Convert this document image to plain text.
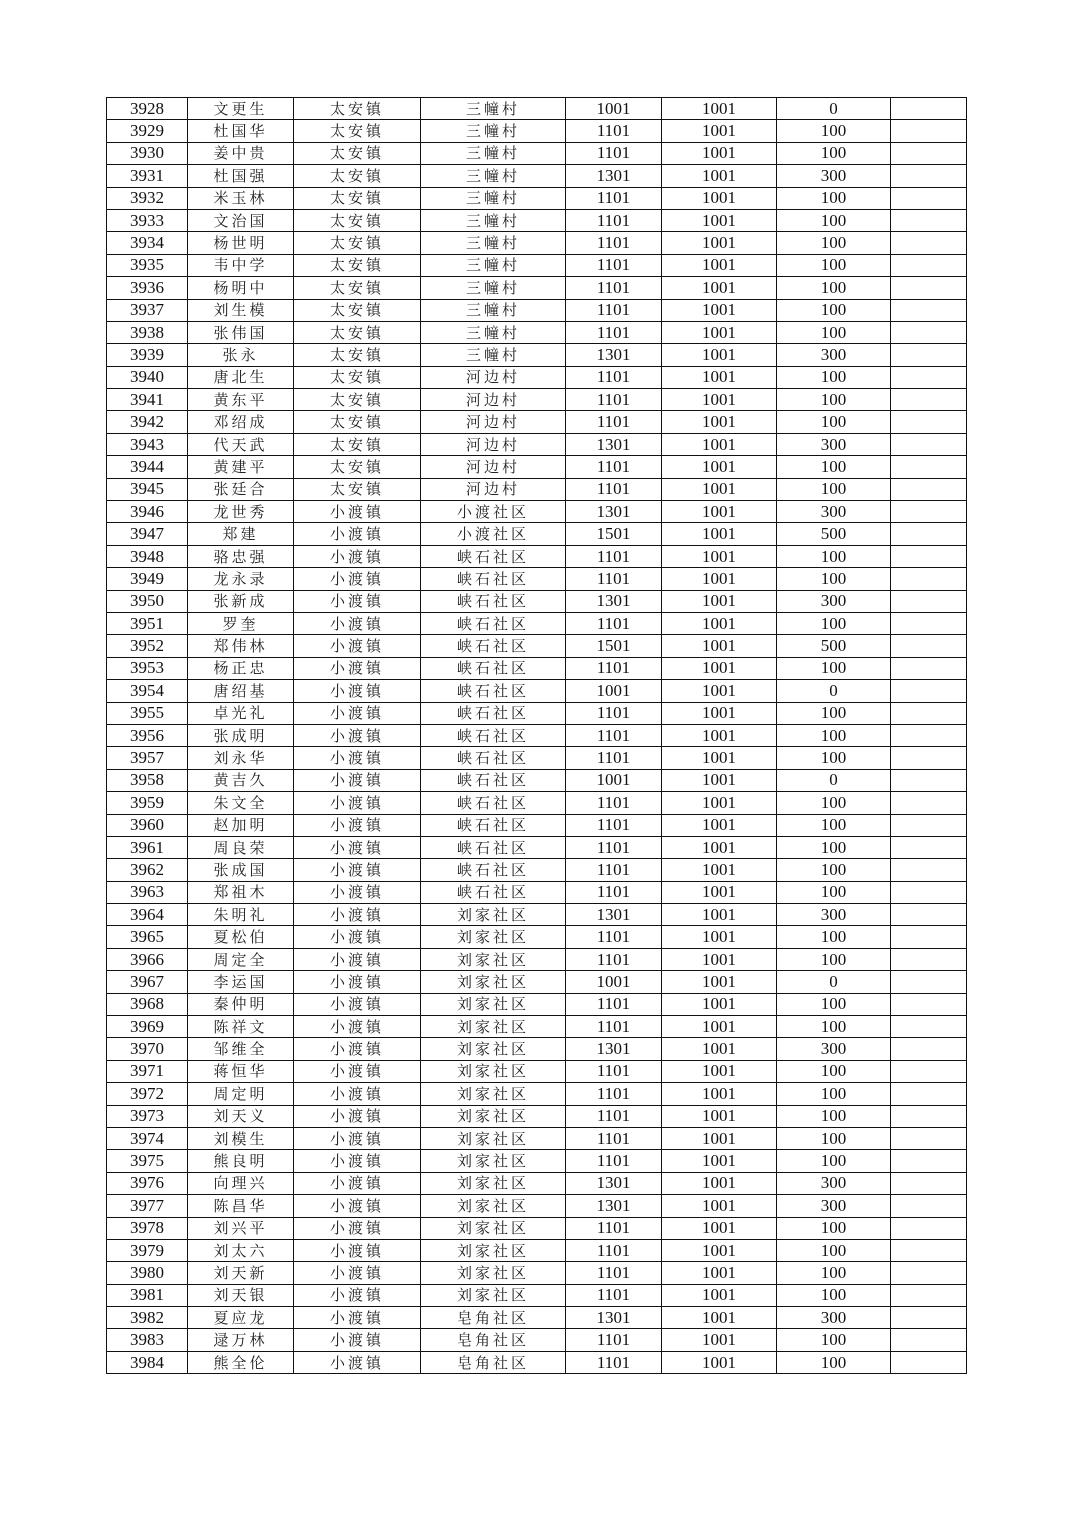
3928	文更生	太安镇	三幢村	1001	1001	0	
3929	杜国华	太安镇	三幢村	1101	1001	100	
3930	姜中贵	太安镇	三幢村	1101	1001	100	
3931	杜国强	太安镇	三幢村	1301	1001	300	
3932	米玉林	太安镇	三幢村	1101	1001	100	
3933	文治国	太安镇	三幢村	1101	1001	100	
3934	杨世明	太安镇	三幢村	1101	1001	100	
3935	韦中学	太安镇	三幢村	1101	1001	100	
3936	杨明中	太安镇	三幢村	1101	1001	100	
3937	刘生模	太安镇	三幢村	1101	1001	100	
3938	张伟国	太安镇	三幢村	1101	1001	100	
3939	张永	太安镇	三幢村	1301	1001	300	
3940	唐北生	太安镇	河边村	1101	1001	100	
3941	黄东平	太安镇	河边村	1101	1001	100	
3942	邓绍成	太安镇	河边村	1101	1001	100	
3943	代天武	太安镇	河边村	1301	1001	300	
3944	黄建平	太安镇	河边村	1101	1001	100	
3945	张廷合	太安镇	河边村	1101	1001	100	
3946	龙世秀	小渡镇	小渡社区	1301	1001	300	
3947	郑建	小渡镇	小渡社区	1501	1001	500	
3948	骆忠强	小渡镇	峡石社区	1101	1001	100	
3949	龙永录	小渡镇	峡石社区	1101	1001	100	
3950	张新成	小渡镇	峡石社区	1301	1001	300	
3951	罗奎	小渡镇	峡石社区	1101	1001	100	
3952	郑伟林	小渡镇	峡石社区	1501	1001	500	
3953	杨正忠	小渡镇	峡石社区	1101	1001	100	
3954	唐绍基	小渡镇	峡石社区	1001	1001	0	
3955	卓光礼	小渡镇	峡石社区	1101	1001	100	
3956	张成明	小渡镇	峡石社区	1101	1001	100	
3957	刘永华	小渡镇	峡石社区	1101	1001	100	
3958	黄吉久	小渡镇	峡石社区	1001	1001	0	
3959	朱文全	小渡镇	峡石社区	1101	1001	100	
3960	赵加明	小渡镇	峡石社区	1101	1001	100	
3961	周良荣	小渡镇	峡石社区	1101	1001	100	
3962	张成国	小渡镇	峡石社区	1101	1001	100	
3963	郑祖木	小渡镇	峡石社区	1101	1001	100	
3964	朱明礼	小渡镇	刘家社区	1301	1001	300	
3965	夏松伯	小渡镇	刘家社区	1101	1001	100	
3966	周定全	小渡镇	刘家社区	1101	1001	100	
3967	李运国	小渡镇	刘家社区	1001	1001	0	
3968	秦仲明	小渡镇	刘家社区	1101	1001	100	
3969	陈祥文	小渡镇	刘家社区	1101	1001	100	
3970	邹维全	小渡镇	刘家社区	1301	1001	300	
3971	蒋恒华	小渡镇	刘家社区	1101	1001	100	
3972	周定明	小渡镇	刘家社区	1101	1001	100	
3973	刘天义	小渡镇	刘家社区	1101	1001	100	
3974	刘模生	小渡镇	刘家社区	1101	1001	100	
3975	熊良明	小渡镇	刘家社区	1101	1001	100	
3976	向理兴	小渡镇	刘家社区	1301	1001	300	
3977	陈昌华	小渡镇	刘家社区	1301	1001	300	
3978	刘兴平	小渡镇	刘家社区	1101	1001	100	
3979	刘太六	小渡镇	刘家社区	1101	1001	100	
3980	刘天新	小渡镇	刘家社区	1101	1001	100	
3981	刘天银	小渡镇	刘家社区	1101	1001	100	
3982	夏应龙	小渡镇	皂角社区	1301	1001	300	
3983	逯万林	小渡镇	皂角社区	1101	1001	100	
3984	熊全伦	小渡镇	皂角社区	1101	1001	100	
